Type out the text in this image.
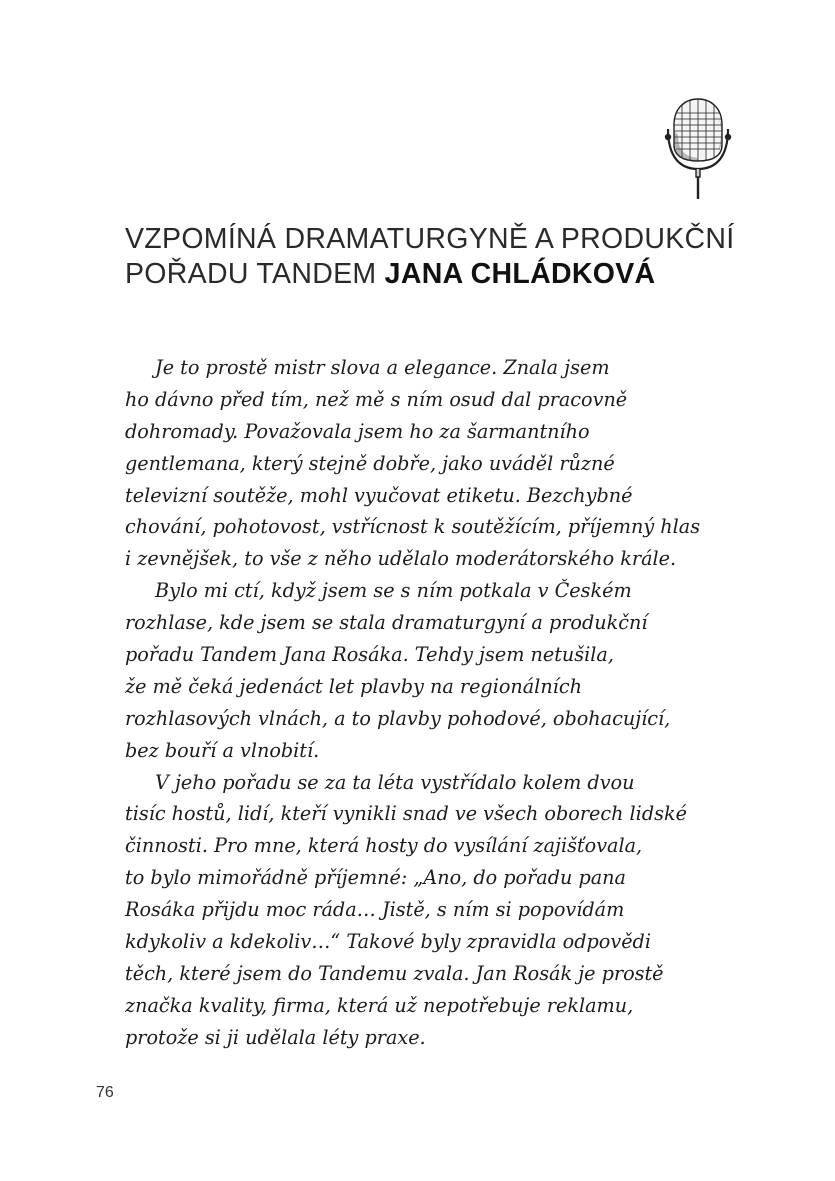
VZPOMÍNÁ DRAMATURGYNĚ A PRODUKČNÍ
POŘADU TANDEM JANA CHLÁDKOVÁ
Je to prostě mistr slova a elegance. Znala jsem
ho dávno před tím, než mě s ním osud dal pracovně
dohromady. Považovala jsem ho za šarmantního
gentlemana, který stejně dobře, jako uváděl různé
televizní soutěže, mohl vyučovat etiketu. Bezchybné
chování, pohotovost, vstřícnost k soutěžícím, příjemný hlas
i zevnějšek, to vše z něho udělalo moderátorského krále.
Bylo mi ctí, když jsem se s ním potkala v Českém
rozhlase, kde jsem se stala dramaturgyní a produkční
pořadu Tandem Jana Rosáka. Tehdy jsem netušila,
že mě čeká jedenáct let plavby na regionálních
rozhlasových vlnách, a to plavby pohodové, obohacující,
bez bouří a vlnobití.
V jeho pořadu se za ta léta vystřídalo kolem dvou
tisíc hostů, lidí, kteří vynikli snad ve všech oborech lidské
činnosti. Pro mne, která hosty do vysílání zajišťovala,
to bylo mimořádně příjemné: „Ano, do pořadu pana
Rosáka přijdu moc ráda… Jistě, s ním si popovídám
kdykoliv a kdekoliv…“ Takové byly zpravidla odpovědi
těch, které jsem do Tandemu zvala. Jan Rosák je prostě
značka kvality, firma, která už nepotřebuje reklamu,
protože si ji udělala léty praxe.
76
